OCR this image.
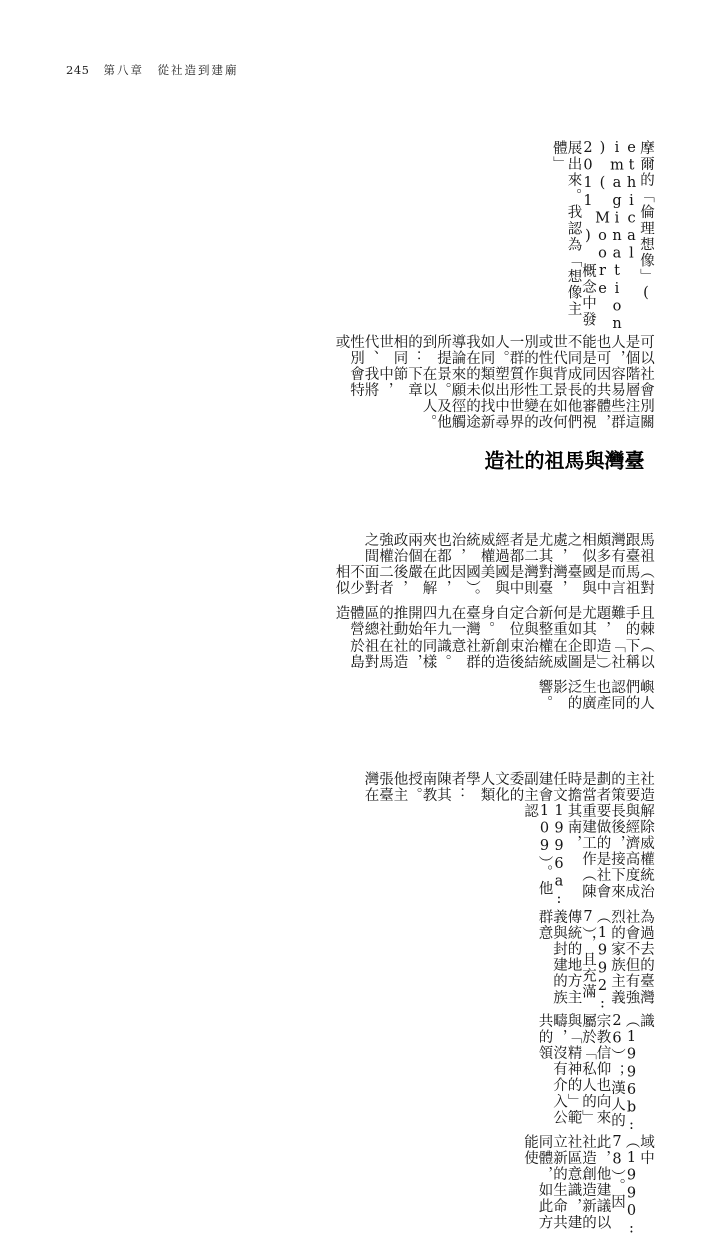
245 第八章　從社造到建廟
摩爾的「倫理想像」( ethical imagination ) ( Moore 2011 ) 概念中發展出來。我認為「想像主體」
可以是個人，也可能是不同世代或性別的一群人。如同我在導論所提到的：相同世代、性別或
社會階層容易因共同的成長背景與工作性質形塑出類似的未來願景。在以下章節中，我將會特
別關注這些群體，審視他們如何在改變的世界中尋找新的途徑觸及他人。
臺灣與馬祖的社造
馬祖跟臺灣有頗多相似之處，尤其是二者都經過威權統治，也都夾在兩個政治強權之間
（對馬祖而言是中國與臺灣，對臺灣則是中國與美國）。因此，在解嚴後，二者面對不少相似
且棘手的難題，尤其是如何重新整合與定位自身。臺灣在一九九四年開始推動的社區總體營造
（以下稱「社造」）即是企圖在威權統治結束後創造新的社群意識。同樣的，社造在馬祖對於島
嶼人們的認同也產生廣泛的影響。
社造主要的策劃者是當時擔任文建會副主委的文化人類學者：陳其南教授。他主張臺灣在
解除威權統治與經濟高度成長後，接下來要做的是社會重建工作（陳其南，1996a: 109）。他認
為過去的臺灣社會不但有強烈的家族主義（1992: 7），且充滿傳統的地方主義與封建的族群意
識（1996b: 26）；漢人的宗教信仰也向來屬於「私人的」與「精神的」範疇，沒有介入公共的領
域中（1990: 78）。因此，他建議以社造創造新的社區意識，建立新的生命共同體，如此方能使
